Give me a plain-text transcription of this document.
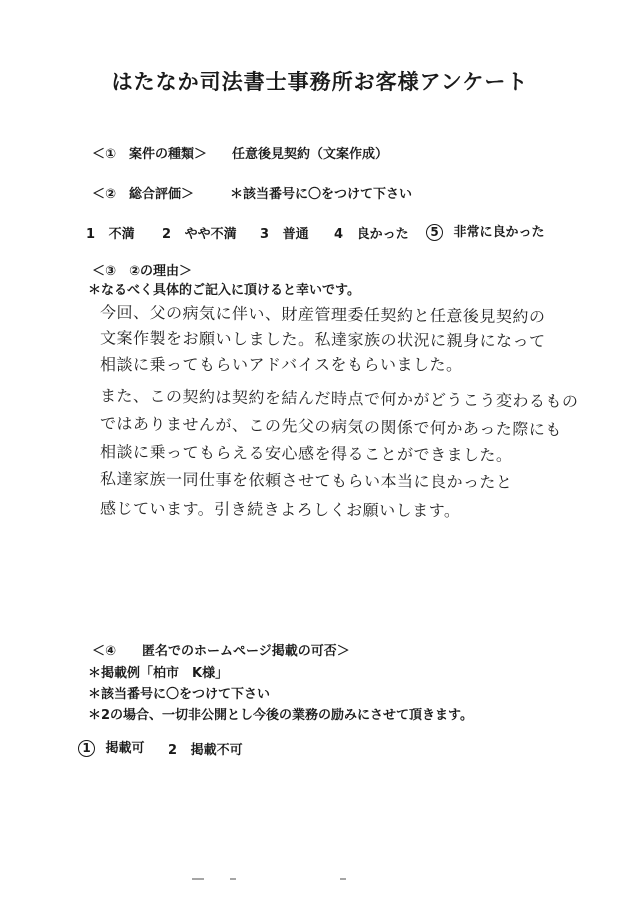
はたなか司法書士事務所お客様アンケート
＜①　案件の種類＞ 任意後見契約（文案作成）
＜②　総合評価＞	＊該当番号に〇をつけて下さい
1 不満 2 やや不満 3 普通 4 良かった	5 非常に良かった
＜③　②の理由＞
＊なるべく具体的ご記入に頂けると幸いです。
今回、父の病気に伴い、財産管理委任契約と任意後見契約の
文案作製をお願いしました。私達家族の状況に親身になって
相談に乗ってもらいアドバイスをもらいました。
また、この契約は契約を結んだ時点で何かがどうこう変わるもの
ではありませんが、この先父の病気の関係で何かあった際にも
相談に乗ってもらえる安心感を得ることができました。
私達家族一同仕事を依頼させてもらい本当に良かったと
感じています。引き続きよろしくお願いします。
＜④　　匿名でのホームページ掲載の可否＞
＊掲載例「柏市　K様」
＊該当番号に〇をつけて下さい
＊2の場合、一切非公開とし今後の業務の励みにさせて頂きます。
1 掲載可 2 掲載不可
